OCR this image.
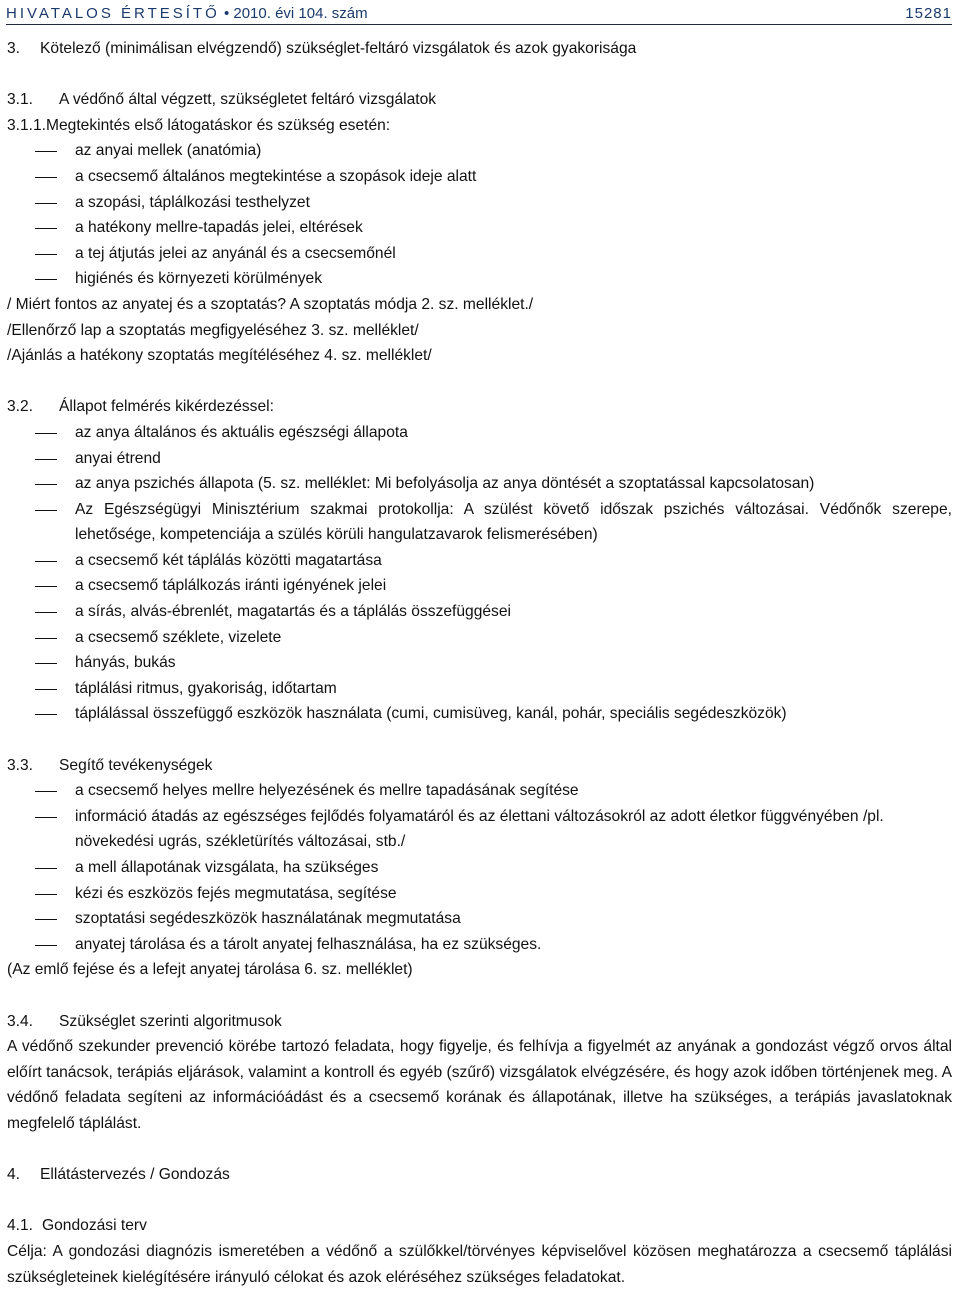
HIVATALOS ÉRTESÍTŐ • 2010. évi 104. szám	15281
3.	Kötelező (minimálisan elvégzendő) szükséglet-feltáró vizsgálatok és azok gyakorisága
3.1.	A védőnő által végzett, szükségletet feltáró vizsgálatok
3.1.1. Megtekintés első látogatáskor és szükség esetén:
az anyai mellek (anatómia)
a csecsemő általános megtekintése a szopások ideje alatt
a szopási, táplálkozási testhelyzet
a hatékony mellre-tapadás jelei, eltérések
a tej átjutás jelei az anyánál és a csecsemőnél
higiénés és környezeti körülmények
/ Miért fontos az anyatej és a szoptatás? A szoptatás módja 2. sz. melléklet./
/Ellenőrző lap a szoptatás megfigyeléséhez 3. sz. melléklet/
/Ajánlás a hatékony szoptatás megítéléséhez 4. sz. melléklet/
3.2.	Állapot felmérés kikérdezéssel:
az anya általános és aktuális egészségi állapota
anyai étrend
az anya pszichés állapota (5. sz. melléklet: Mi befolyásolja az anya döntését a szoptatással kapcsolatosan)
Az Egészségügyi Minisztérium szakmai protokollja: A szülést követő időszak pszichés változásai. Védőnők szerepe, lehetősége, kompetenciája a szülés körüli hangulatzavarok felismerésében)
a csecsemő két táplálás közötti magatartása
a csecsemő táplálkozás iránti igényének jelei
a sírás, alvás-ébrenlét, magatartás és a táplálás összefüggései
a csecsemő széklete, vizelete
hányás, bukás
táplálási ritmus, gyakoriság, időtartam
táplálással összefüggő eszközök használata (cumi, cumisüveg, kanál, pohár, speciális segédeszközök)
3.3.	Segítő tevékenységek
a csecsemő helyes mellre helyezésének és mellre tapadásának segítése
információ átadás az egészséges fejlődés folyamatáról és az élettani változásokról az adott életkor függvényében /pl. növekedési ugrás, székletürítés változásai, stb./
a mell állapotának vizsgálata, ha szükséges
kézi és eszközös fejés megmutatása, segítése
szoptatási segédeszközök használatának megmutatása
anyatej tárolása és a tárolt anyatej felhasználása, ha ez szükséges.
(Az emlő fejése és a lefejt anyatej tárolása 6. sz. melléklet)
3.4.	Szükséglet szerinti algoritmusok
A védőnő szekunder prevenció körébe tartozó feladata, hogy figyelje, és felhívja a figyelmét az anyának a gondozást végző orvos által előírt tanácsok, terápiás eljárások, valamint a kontroll és egyéb (szűrő) vizsgálatok elvégzésére, és hogy azok időben történjenek meg. A védőnő feladata segíteni az információádást és a csecsemő korának és állapotának, illetve ha szükséges, a terápiás javaslatoknak megfelelő táplálást.
4.	Ellátástervezés / Gondozás
4.1. Gondozási terv
Célja: A gondozási diagnózis ismeretében a védőnő a szülőkkel/törvényes képviselővel közösen meghatározza a csecsemő táplálási szükségleteinek kielégítésére irányuló célokat és azok eléréséhez szükséges feladatokat.
